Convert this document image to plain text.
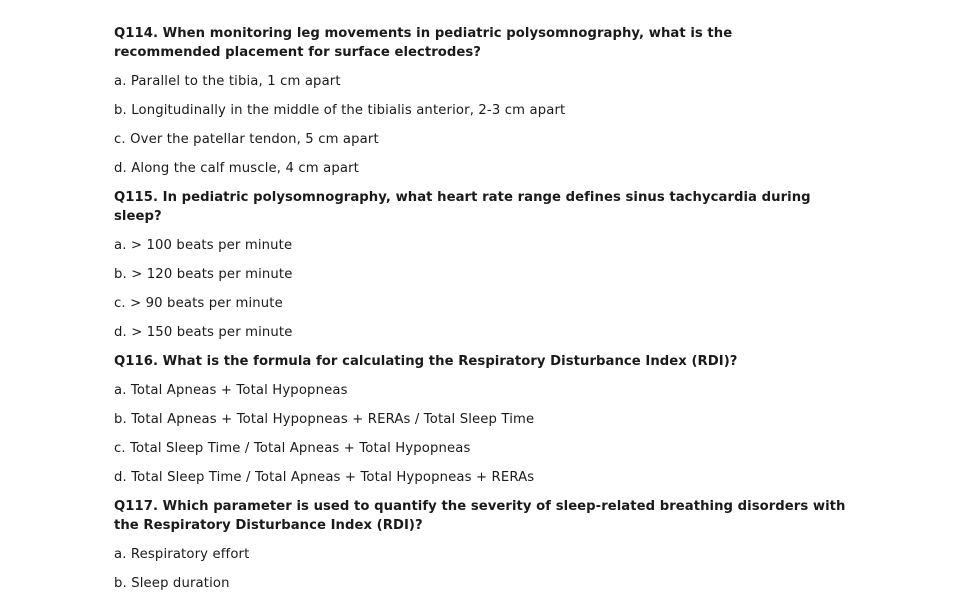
Q114. When monitoring leg movements in pediatric polysomnography, what is the recommended placement for surface electrodes?

a. Parallel to the tibia, 1 cm apart

b. Longitudinally in the middle of the tibialis anterior, 2-3 cm apart

c. Over the patellar tendon, 5 cm apart

d. Along the calf muscle, 4 cm apart

Q115. In pediatric polysomnography, what heart rate range defines sinus tachycardia during sleep?

a. > 100 beats per minute

b. > 120 beats per minute

c. > 90 beats per minute

d. > 150 beats per minute

Q116. What is the formula for calculating the Respiratory Disturbance Index (RDI)?

a. Total Apneas + Total Hypopneas

b. Total Apneas + Total Hypopneas + RERAs / Total Sleep Time

c. Total Sleep Time / Total Apneas + Total Hypopneas

d. Total Sleep Time / Total Apneas + Total Hypopneas + RERAs

Q117. Which parameter is used to quantify the severity of sleep-related breathing disorders with the Respiratory Disturbance Index (RDI)?

a. Respiratory effort

b. Sleep duration
